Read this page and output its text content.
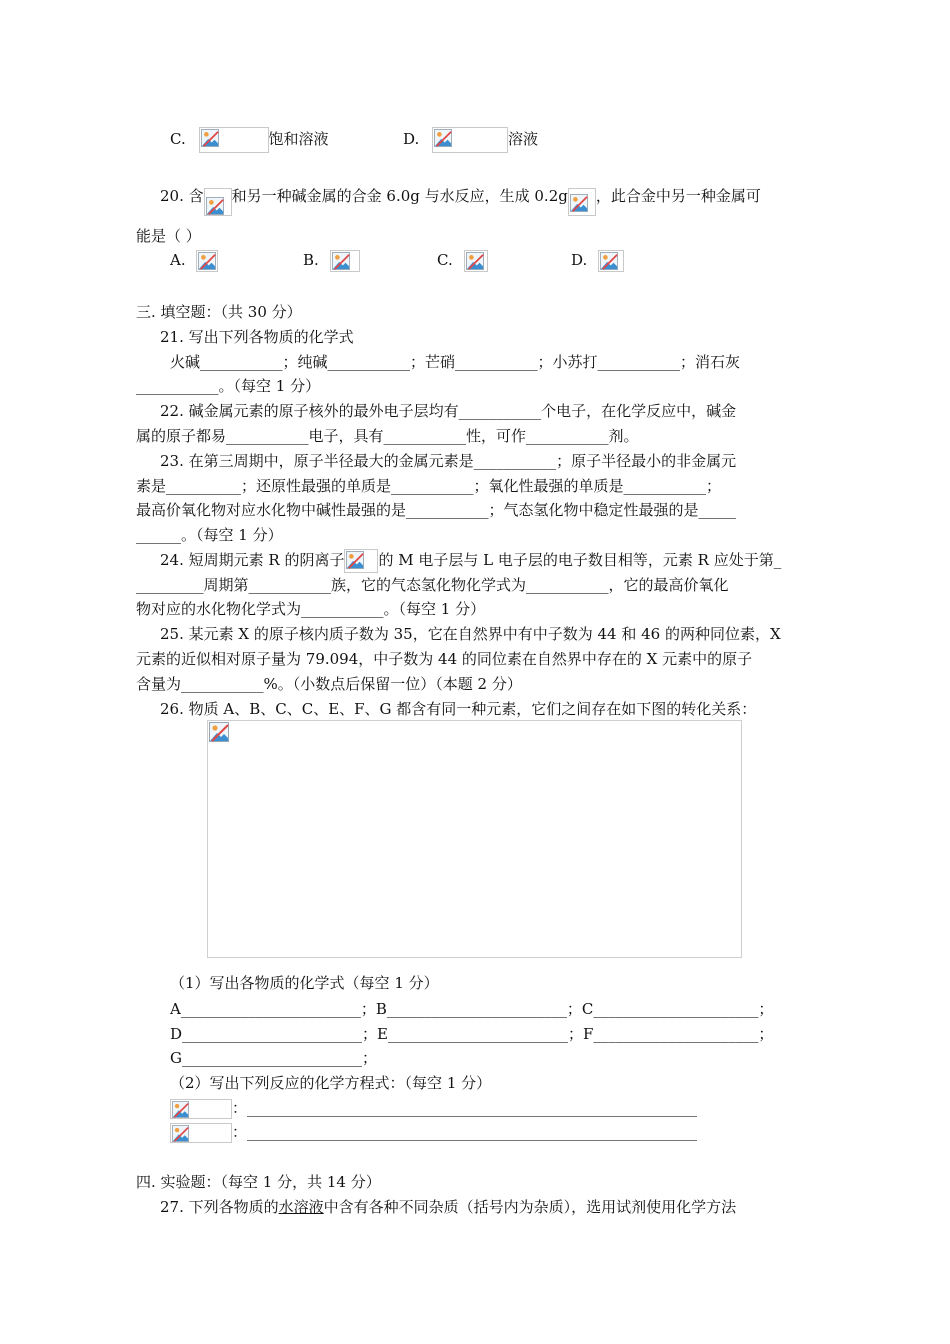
C.	饱和溶液	D.	溶液
20. 含 和另一种碱金属的合金 6.0g 与水反应，生成 0.2g ，此合金中另一种金属可
能是（ ）
A.	B.	C.	D.
三. 填空题：（共 30 分）
21. 写出下列各物质的化学式
火碱___________；纯碱___________；芒硝___________；小苏打___________；消石灰
___________。（每空 1 分）
22. 碱金属元素的原子核外的最外电子层均有___________个电子，在化学反应中，碱金
属的原子都易___________电子，具有___________性，可作___________剂。
23. 在第三周期中，原子半径最大的金属元素是___________；原子半径最小的非金属元
素是__________；还原性最强的单质是___________；氧化性最强的单质是___________；
最高价氧化物对应水化物中碱性最强的是___________；气态氢化物中稳定性最强的是_____
______。（每空 1 分）
24. 短周期元素 R 的阴离子 的 M 电子层与 L 电子层的电子数目相等，元素 R 应处于第_
_________周期第___________族，它的气态氢化物化学式为___________，它的最高价氧化
物对应的水化物化学式为___________。（每空 1 分）
25. 某元素 X 的原子核内质子数为 35，它在自然界中有中子数为 44 和 46 的两种同位素，X
元素的近似相对原子量为 79.094，中子数为 44 的同位素在自然界中存在的 X 元素中的原子
含量为___________%。（小数点后保留一位）（本题 2 分）
26. 物质 A、B、C、C、E、F、G 都含有同一种元素，它们之间存在如下图的转化关系：
（1）写出各物质的化学式（每空 1 分）
A________________________；B________________________；C______________________；
D________________________；E________________________；F______________________；
G________________________；
（2）写出下列反应的化学方程式：（每空 1 分）
：____________________________________________________________
：____________________________________________________________
四. 实验题：（每空 1 分，共 14 分）
27. 下列各物质的水溶液中含有各种不同杂质（括号内为杂质），选用试剂使用化学方法
